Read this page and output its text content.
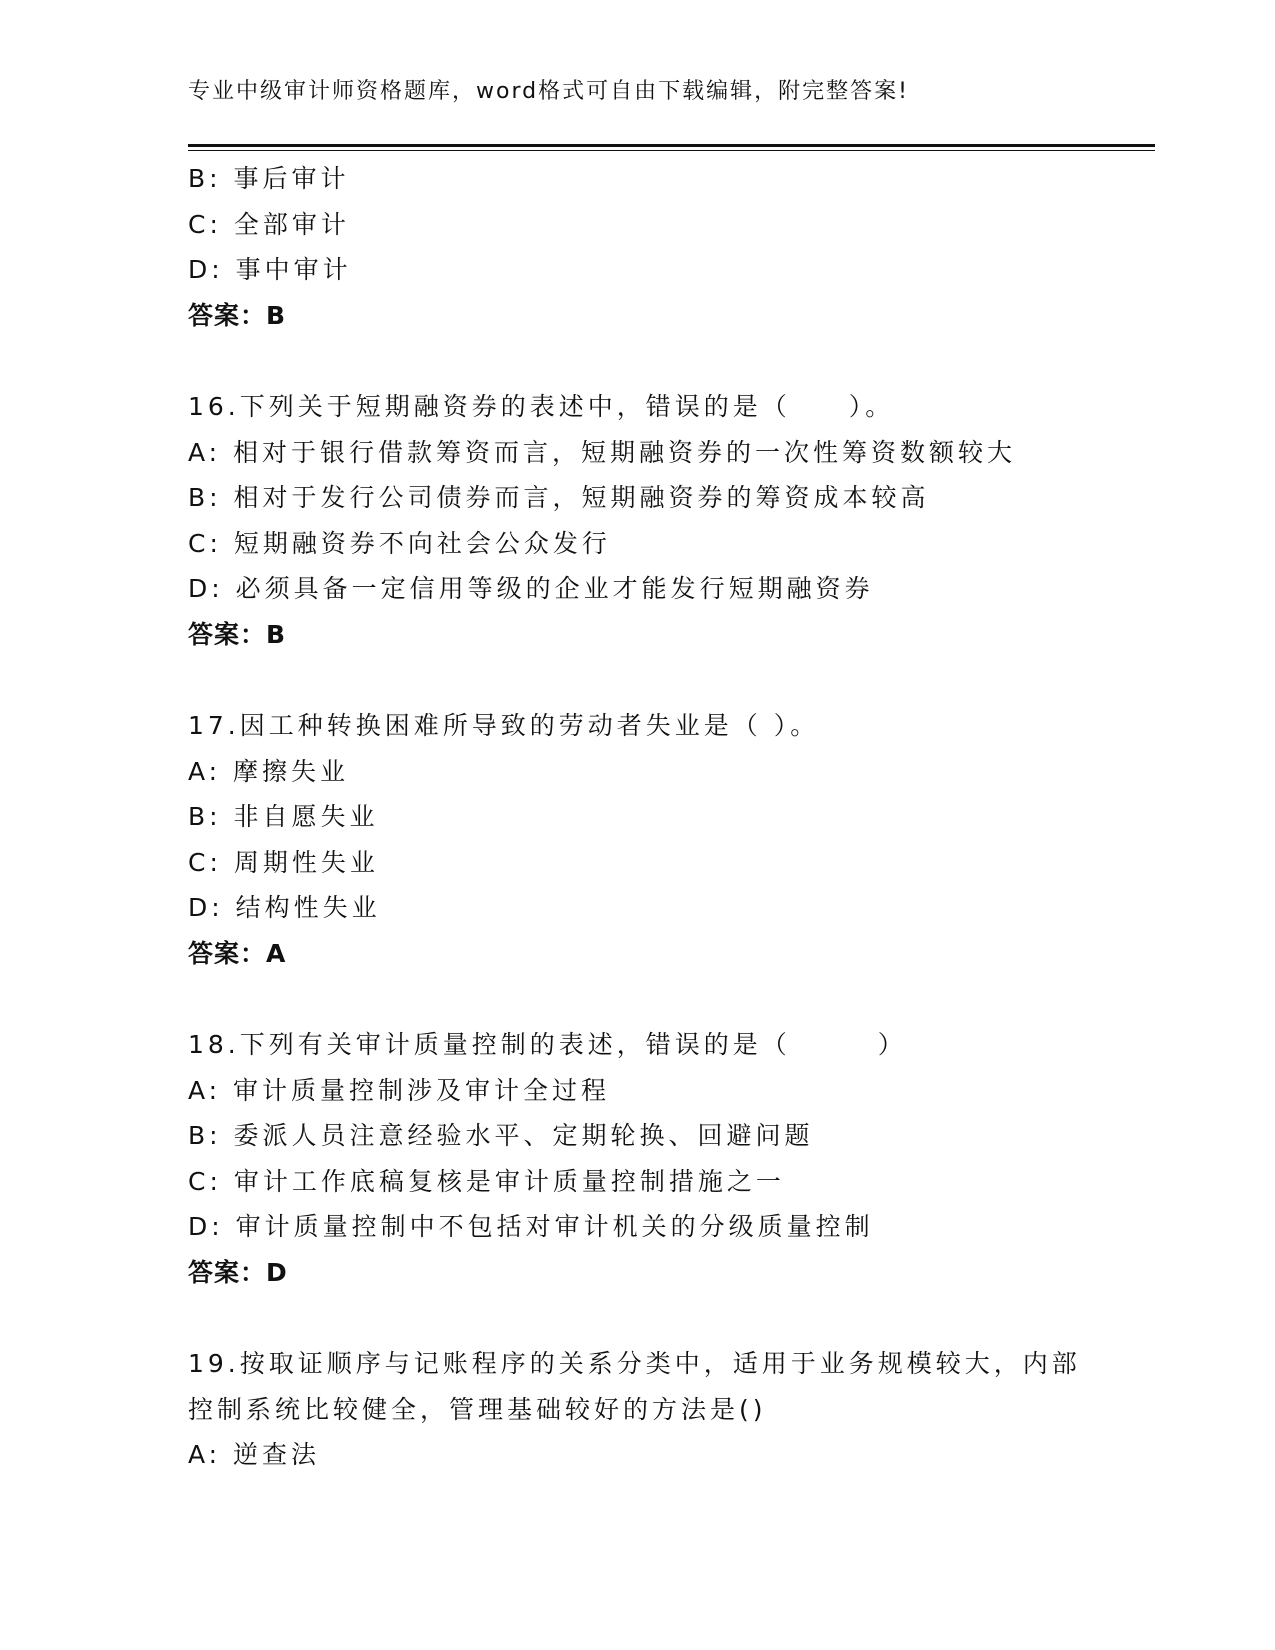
专业中级审计师资格题库，word格式可自由下载编辑，附完整答案!
B: 事后审计
C: 全部审计
D: 事中审计
答案：B
16.下列关于短期融资券的表述中，错误的是（　　）。
A: 相对于银行借款筹资而言，短期融资券的一次性筹资数额较大
B: 相对于发行公司债券而言，短期融资券的筹资成本较高
C: 短期融资券不向社会公众发行
D: 必须具备一定信用等级的企业才能发行短期融资券
答案：B
17.因工种转换困难所导致的劳动者失业是（ ）。
A: 摩擦失业
B: 非自愿失业
C: 周期性失业
D: 结构性失业
答案：A
18.下列有关审计质量控制的表述，错误的是（　　　）
A: 审计质量控制涉及审计全过程
B: 委派人员注意经验水平、定期轮换、回避问题
C: 审计工作底稿复核是审计质量控制措施之一
D: 审计质量控制中不包括对审计机关的分级质量控制
答案：D
19.按取证顺序与记账程序的关系分类中，适用于业务规模较大，内部
控制系统比较健全，管理基础较好的方法是()
A: 逆查法
